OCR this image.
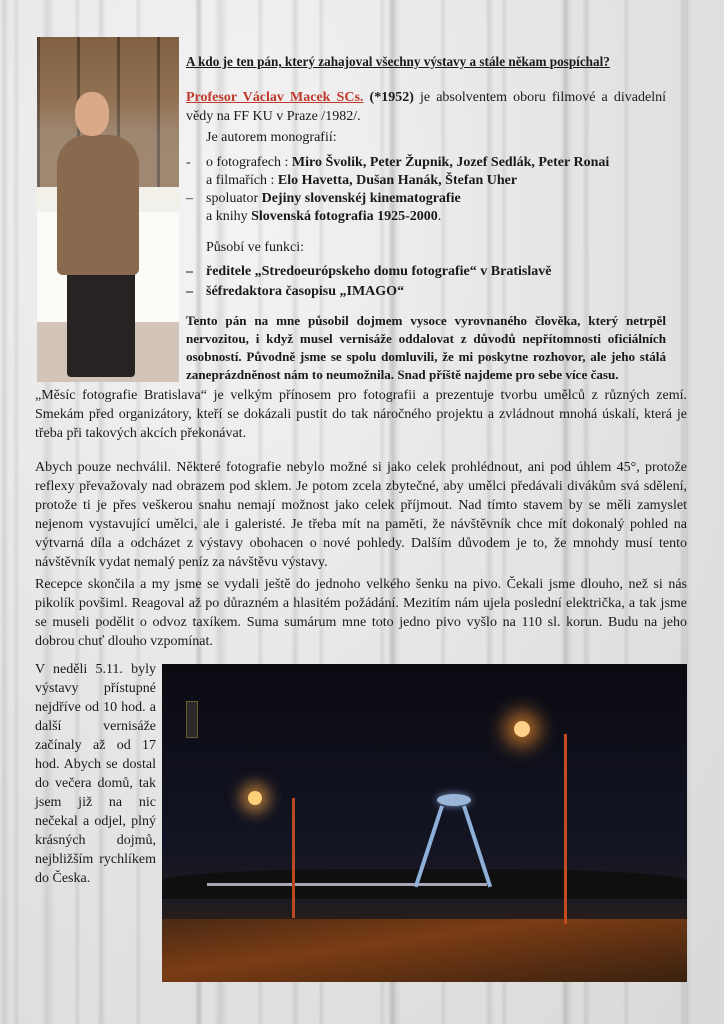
A kdo je ten pán, který zahajoval všechny výstavy a stále někam pospíchal?
Profesor Václav Macek SCs. (*1952) je absolventem oboru filmové a divadelní vědy na FF KU v Praze /1982/.
Je autorem monografií:
- o fotografech : Miro Švolik, Peter Župnik, Jozef Sedlák, Peter Ronai
a filmařích : Elo Havetta, Dušan Hanák, Štefan Uher
– spoluator Dejiny slovenskéj kinematografie
a knihy Slovenská fotografia 1925-2000.
Působí ve funkci:
– ředitele „Stredoeurópskeho domu fotografie“ v Bratislavě
– šéfredaktora časopisu „IMAGO“
Tento pán na mne působil dojmem vysoce vyrovnaného člověka, který netrpěl nervozitou, i když musel vernisáže oddalovat z důvodů nepřítomnosti oficiálních osobností. Původně jsme se spolu domluvili, že mi poskytne rozhovor, ale jeho stálá zaneprázdněnost nám to neumožnila. Snad příště najdeme pro sebe více času.
„Měsíc fotografie Bratislava“ je velkým přínosem pro fotografii a prezentuje tvorbu umělců z různých zemí. Smekám před organizátory, kteří se dokázali pustit do tak náročného projektu a zvládnout mnohá úskalí, která je třeba při takových akcích překonávat.
Abych pouze nechválil. Některé fotografie nebylo možné si jako celek prohlédnout, ani pod úhlem 45°, protože reflexy převažovaly nad obrazem pod sklem. Je potom zcela zbytečné, aby umělci předávali divákům svá sdělení, protože ti je přes veškerou snahu nemají možnost jako celek příjmout. Nad tímto stavem by se měli zamyslet nejenom vystavující umělci, ale i galeristé. Je třeba mít na paměti, že návštěvník chce mít dokonalý pohled na výtvarná díla a odcházet z výstavy obohacen o nové pohledy. Dalším důvodem je to, že mnohdy musí tento návštěvník vydat nemalý peníz za návštěvu výstavy.
Recepce skončila a my jsme se vydali ještě do jednoho velkého šenku na pivo. Čekali jsme dlouho, než si nás pikolík povšiml. Reagoval až po důrazném a hlasitém požádání. Mezitím nám ujela poslední električka, a tak jsme se museli podělit o odvoz taxíkem. Suma sumárum mne toto jedno pivo vyšlo na 110 sl. korun. Budu na jeho dobrou chuť dlouho vzpomínat.
V neděli 5.11. byly výstavy přístupné nejdříve od 10 hod. a další vernisáže začínaly až od 17 hod. Abych se dostal do večera domů, tak jsem již na nic nečekal a odjel, plný krásných dojmů, nejbližším rychlíkem do Česka.
